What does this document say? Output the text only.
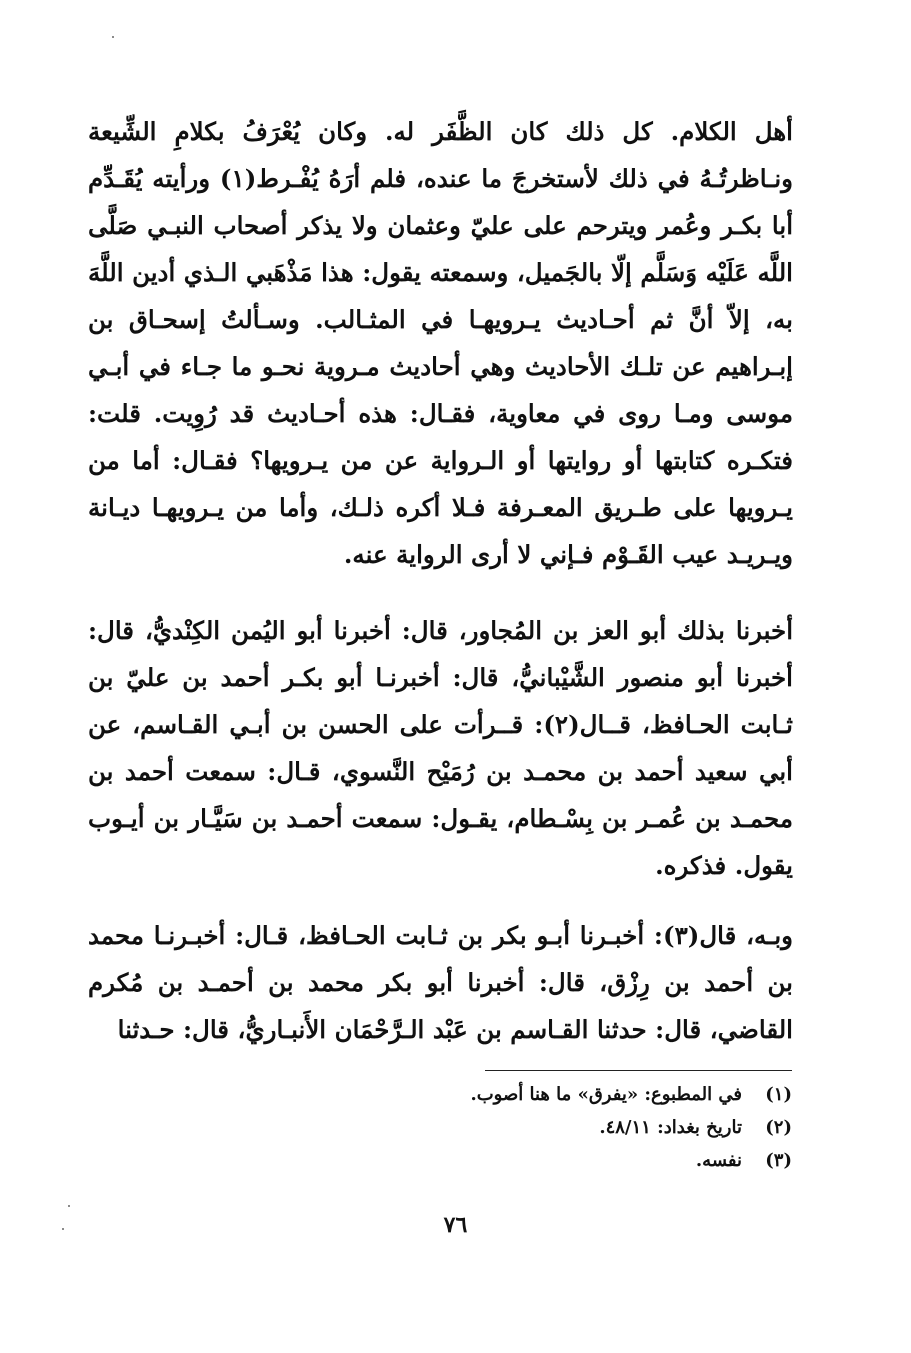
أهل الكلام. كل ذلك كان الظَّفَر له. وكان يُعْرَفُ بكلامِ الشِّيعة ونـاظرتُـهُ في ذلك لأستخرجَ ما عنده، فلم أرَهُ يُفْـرط(١) ورأيته يُقَـدِّم أبا بكـر وعُمر ويترحم على عليّ وعثمان ولا يذكر أصحاب النبـي صَلَّى اللَّه عَلَيْه وَسَلَّم إلّا بالجَميل، وسمعته يقول: هذا مَذْهَبي الـذي أدين اللَّهَ به، إلاّ أنَّ ثم أحـاديث يـرويهـا في المثـالب. وسـألتُ إسحـاق بن إبـراهيم عن تلـك الأحاديث وهي أحاديث مـروية نحـو ما جـاء في أبـي موسى ومـا روى في معاوية، فقـال: هذه أحـاديث قد رُوِيت. قلت: فتكـره كتابتها أو روايتها أو الـرواية عن من يـرويها؟ فقـال: أما من يـرويها على طـريق المعـرفة فـلا أكره ذلـك، وأما من يـرويهـا ديـانة ويـريـد عيب القَـوْم فـإني لا أرى الرواية عنه.

أخبرنا بذلك أبو العز بن المُجاور، قال: أخبرنا أبو اليُمن الكِنْديُّ، قال: أخبرنا أبو منصور الشَّيْبانيُّ، قال: أخبرنـا أبو بكـر أحمد بن عليّ بن ثـابت الحـافظ، قــال(٢): قــرأت على الحسن بن أبـي القـاسم، عن أبي سعيد أحمد بن محمـد بن رُمَيْح النَّسوي، قـال: سمعت أحمد بن محمـد بن عُمـر بن بِسْـطام، يقـول: سمعت أحمـد بن سَيَّـار بن أيـوب يقول. فذكره.

وبـه، قال(٣): أخبـرنا أبـو بكر بن ثـابت الحـافظ، قـال: أخبـرنـا محمد بن أحمد بن رِزْق، قال: أخبرنا أبو بكر محمد بن أحمـد بن مُكرم القاضي، قال: حدثنا القـاسم بن عَبْد الـرَّحْمَان الأَنبـاريُّ، قال: حـدثنا

(١)
في المطبوع: «يفرق» ما هنا أصوب.
(٢)
تاريخ بغداد: ٤٨/١١.
(٣)
نفسه.
٧٦
